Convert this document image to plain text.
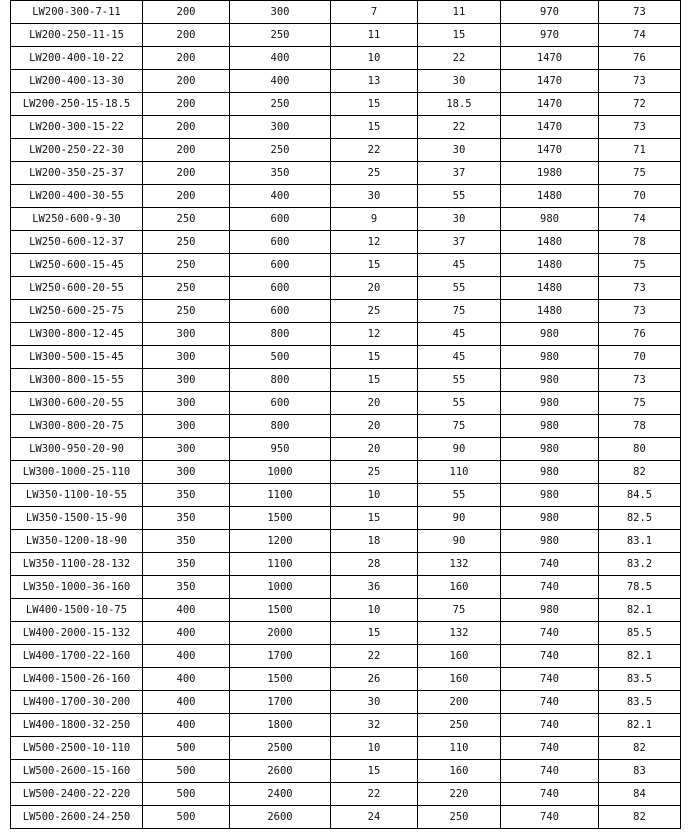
LW200-300-7-11	200	300	7	11	970	73
LW200-250-11-15	200	250	11	15	970	74
LW200-400-10-22	200	400	10	22	1470	76
LW200-400-13-30	200	400	13	30	1470	73
LW200-250-15-18.5	200	250	15	18.5	1470	72
LW200-300-15-22	200	300	15	22	1470	73
LW200-250-22-30	200	250	22	30	1470	71
LW200-350-25-37	200	350	25	37	1980	75
LW200-400-30-55	200	400	30	55	1480	70
LW250-600-9-30	250	600	9	30	980	74
LW250-600-12-37	250	600	12	37	1480	78
LW250-600-15-45	250	600	15	45	1480	75
LW250-600-20-55	250	600	20	55	1480	73
LW250-600-25-75	250	600	25	75	1480	73
LW300-800-12-45	300	800	12	45	980	76
LW300-500-15-45	300	500	15	45	980	70
LW300-800-15-55	300	800	15	55	980	73
LW300-600-20-55	300	600	20	55	980	75
LW300-800-20-75	300	800	20	75	980	78
LW300-950-20-90	300	950	20	90	980	80
LW300-1000-25-110	300	1000	25	110	980	82
LW350-1100-10-55	350	1100	10	55	980	84.5
LW350-1500-15-90	350	1500	15	90	980	82.5
LW350-1200-18-90	350	1200	18	90	980	83.1
LW350-1100-28-132	350	1100	28	132	740	83.2
LW350-1000-36-160	350	1000	36	160	740	78.5
LW400-1500-10-75	400	1500	10	75	980	82.1
LW400-2000-15-132	400	2000	15	132	740	85.5
LW400-1700-22-160	400	1700	22	160	740	82.1
LW400-1500-26-160	400	1500	26	160	740	83.5
LW400-1700-30-200	400	1700	30	200	740	83.5
LW400-1800-32-250	400	1800	32	250	740	82.1
LW500-2500-10-110	500	2500	10	110	740	82
LW500-2600-15-160	500	2600	15	160	740	83
LW500-2400-22-220	500	2400	22	220	740	84
LW500-2600-24-250	500	2600	24	250	740	82
